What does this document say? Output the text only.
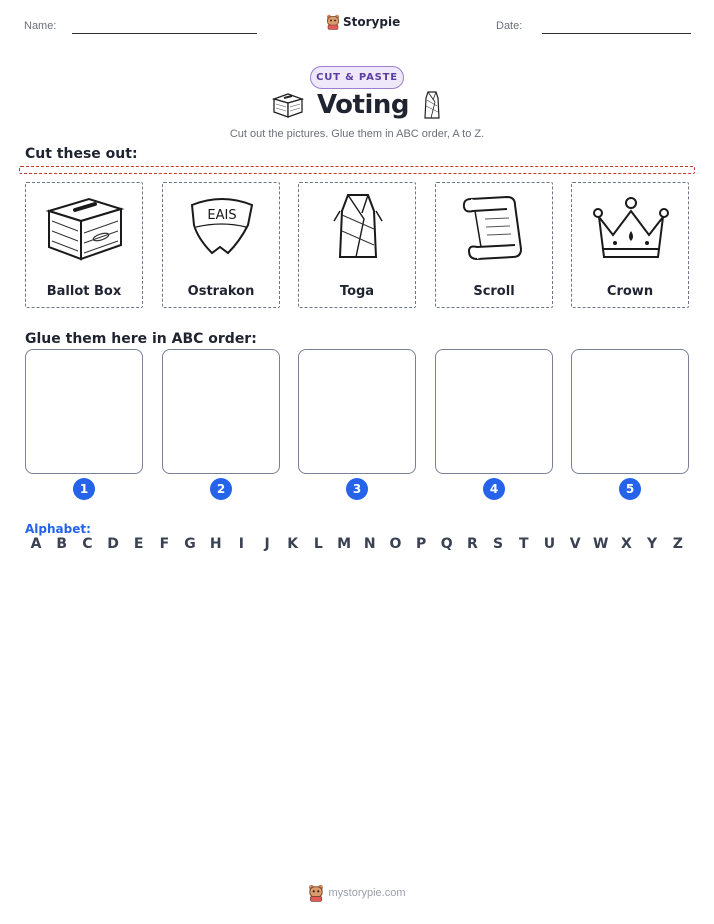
Name:	Storypie	Date:
CUT & PASTE
Voting
Cut out the pictures. Glue them in ABC order, A to Z.
Cut these out:
Ballot Box
EAIS
Ostrakon	Toga	Scroll	Crown
Glue them here in ABC order:
1	2	3	4	5
Alphabet:
A	B	C	D	E	F	G	H	I	J	K	L	M N O	P	Q	R	S	T	U	V W X	Y	Z
mystorypie.com
